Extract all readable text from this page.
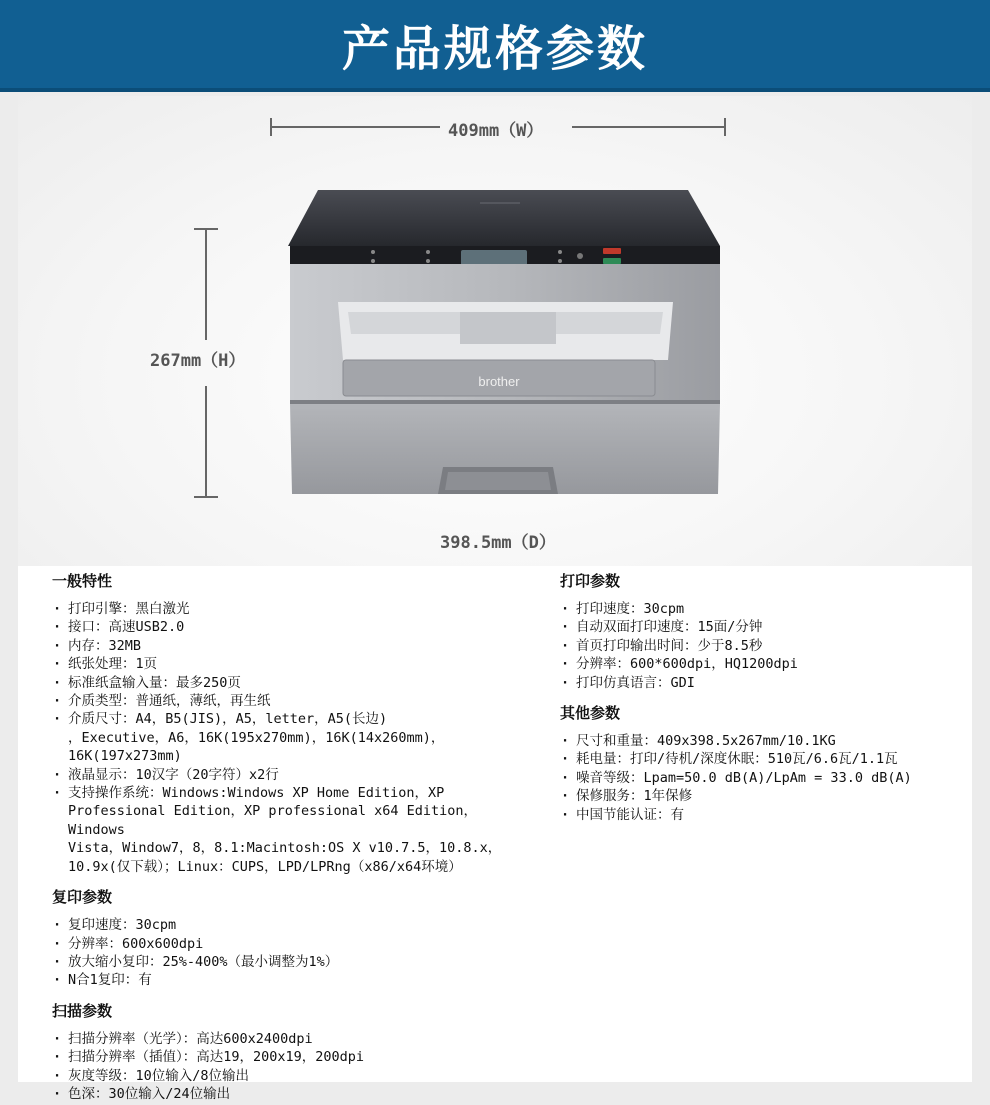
产品规格参数
409mm（W）
267mm（H）
398.5mm（D）
brother
一般特性
· 打印引擎：黑白激光
· 接口：高速USB2.0
· 内存：32MB
· 纸张处理：1页
· 标准纸盒输入量：最多250页
· 介质类型：普通纸，薄纸，再生纸
· 介质尺寸：A4，B5(JIS)，A5，letter，A5(长边)
，Executive，A6，16K(195x270mm)，16K(14x260mm)，16K(197x273mm)
· 液晶显示：10汉字（20字符）x2行
· 支持操作系统：Windows:Windows XP Home Edition，XP
Professional Edition，XP professional x64 Edition，Windows
Vista，Window7，8，8.1:Macintosh:OS X v10.7.5，10.8.x，
10.9x(仅下载）；Linux：CUPS，LPD/LPRng（x86/x64环境）
复印参数
· 复印速度：30cpm
· 分辨率：600x600dpi
· 放大缩小复印：25%-400%（最小调整为1%）
· N合1复印：有
扫描参数
· 扫描分辨率（光学）：高达600x2400dpi
· 扫描分辨率（插值）：高达19，200x19，200dpi
· 灰度等级：10位输入/8位输出
· 色深：30位输入/24位输出
打印参数
· 打印速度：30cpm
· 自动双面打印速度：15面/分钟
· 首页打印输出时间：少于8.5秒
· 分辨率：600*600dpi，HQ1200dpi
· 打印仿真语言：GDI
其他参数
· 尺寸和重量：409x398.5x267mm/10.1KG
· 耗电量：打印/待机/深度休眠：510瓦/6.6瓦/1.1瓦
· 噪音等级：Lpam=50.0 dB(A)/LpAm = 33.0 dB(A)
· 保修服务：1年保修
· 中国节能认证：有
